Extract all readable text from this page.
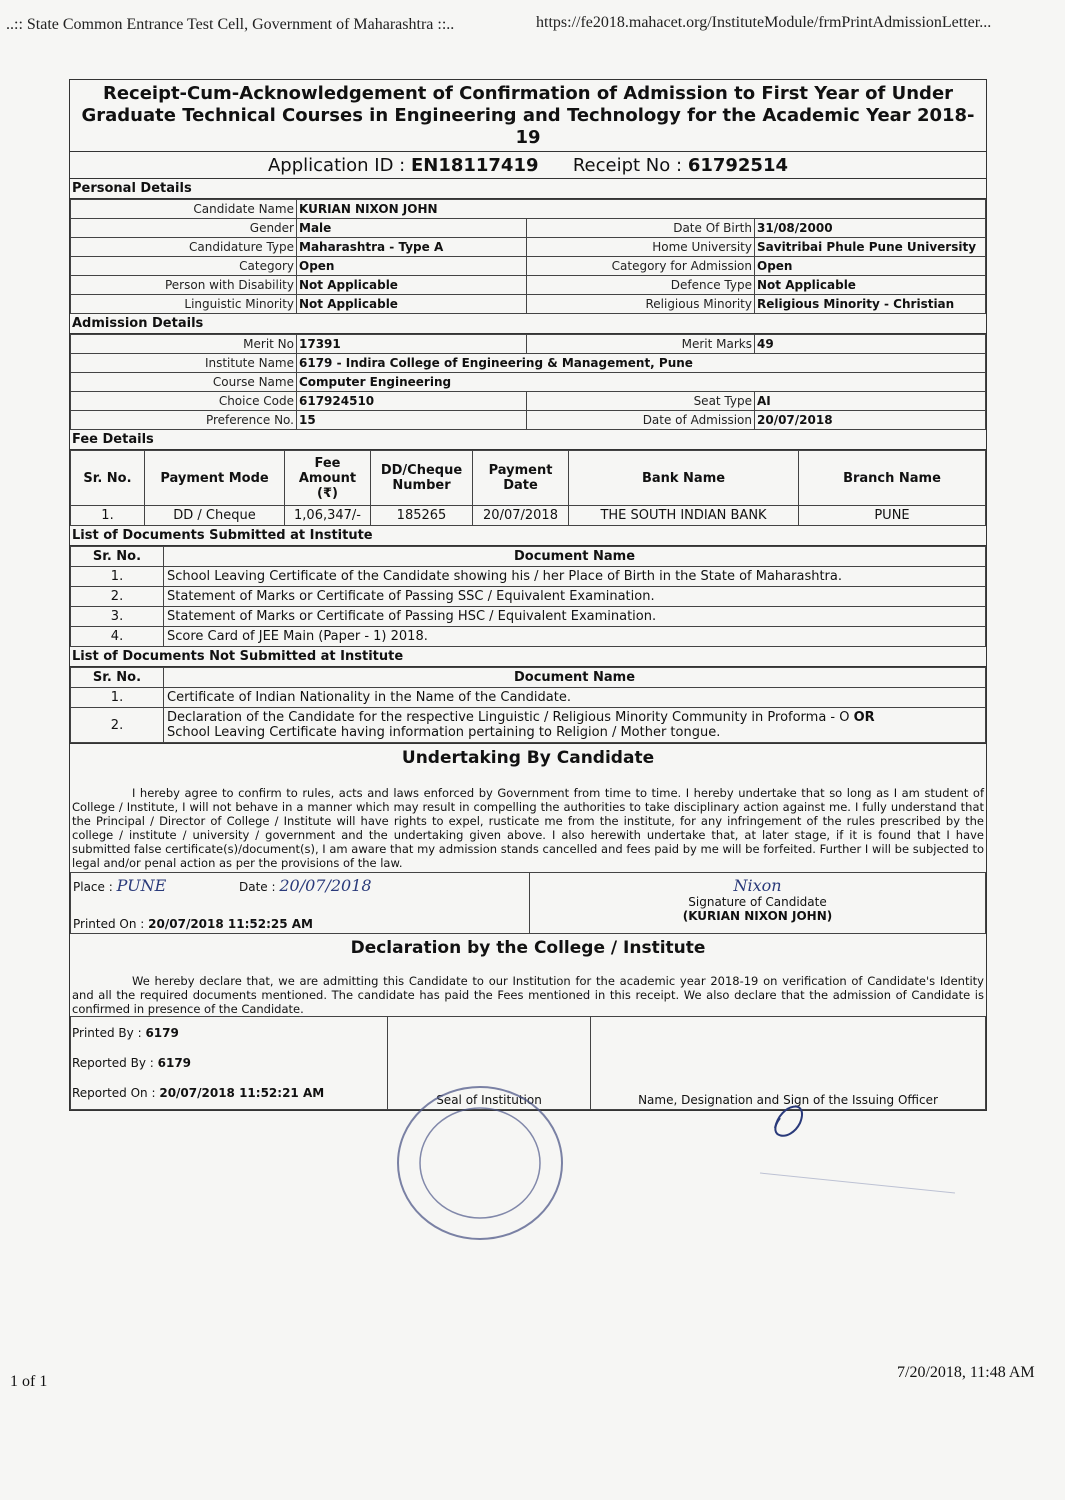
..:: State Common Entrance Test Cell, Government of Maharashtra ::..	https://fe2018.mahacet.org/InstituteModule/frmPrintAdmissionLetter...
Receipt-Cum-Acknowledgement of Confirmation of Admission to First Year of Under Graduate Technical Courses in Engineering and Technology for the Academic Year 2018-19
Application ID : EN18117419 Receipt No : 61792514
Personal Details
Candidate Name	KURIAN NIXON JOHN		
Gender	Male	Date Of Birth	31/08/2000
Candidature Type	Maharashtra - Type A	Home University	Savitribai Phule Pune University
Category	Open	Category for Admission	Open
Person with Disability	Not Applicable	Defence Type	Not Applicable
Linguistic Minority	Not Applicable	Religious Minority	Religious Minority - Christian
Admission Details
Merit No	17391	Merit Marks	49
Institute Name	6179 - Indira College of Engineering & Management, Pune		
Course Name	Computer Engineering		
Choice Code	617924510	Seat Type	AI
Preference No.	15	Date of Admission	20/07/2018
Fee Details
Sr. No.	Payment Mode	Fee Amount (₹)	DD/Cheque Number	Payment Date	Bank Name	Branch Name
1.	DD / Cheque	1,06,347/-	185265	20/07/2018	THE SOUTH INDIAN BANK	PUNE
List of Documents Submitted at Institute
Sr. No.	Document Name
1.	School Leaving Certificate of the Candidate showing his / her Place of Birth in the State of Maharashtra.
2.	Statement of Marks or Certificate of Passing SSC / Equivalent Examination.
3.	Statement of Marks or Certificate of Passing HSC / Equivalent Examination.
4.	Score Card of JEE Main (Paper - 1) 2018.
List of Documents Not Submitted at Institute
Sr. No.	Document Name
1.	Certificate of Indian Nationality in the Name of the Candidate.
2.	Declaration of the Candidate for the respective Linguistic / Religious Minority Community in Proforma - O OR
School Leaving Certificate having information pertaining to Religion / Mother tongue.
Undertaking By Candidate
I hereby agree to confirm to rules, acts and laws enforced by Government from time to time. I hereby undertake that so long as I am student of College / Institute, I will not behave in a manner which may result in compelling the authorities to take disciplinary action against me. I fully understand that the Principal / Director of College / Institute will have rights to expel, rusticate me from the institute, for any infringement of the rules prescribed by the college / institute / university / government and the undertaking given above. I also herewith undertake that, at later stage, if it is found that I have submitted false certificate(s)/document(s), I am aware that my admission stands cancelled and fees paid by me will be forfeited. Further I will be subjected to legal and/or penal action as per the provisions of the law.
Place : PUNE	Date : 20/07/2018
Printed On : 20/07/2018 11:52:25 AM

Nixon
Signature of Candidate
(KURIAN NIXON JOHN)
Declaration by the College / Institute
We hereby declare that, we are admitting this Candidate to our Institution for the academic year 2018-19 on verification of Candidate's Identity and all the required documents mentioned. The candidate has paid the Fees mentioned in this receipt. We also declare that the admission of Candidate is confirmed in presence of the Candidate.
Printed By : 6179
Reported By : 6179
Reported On : 20/07/2018 11:52:21 AM	Seal of Institution	Name, Designation and Sign of the Issuing Officer
1 of 1
7/20/2018, 11:48 AM
